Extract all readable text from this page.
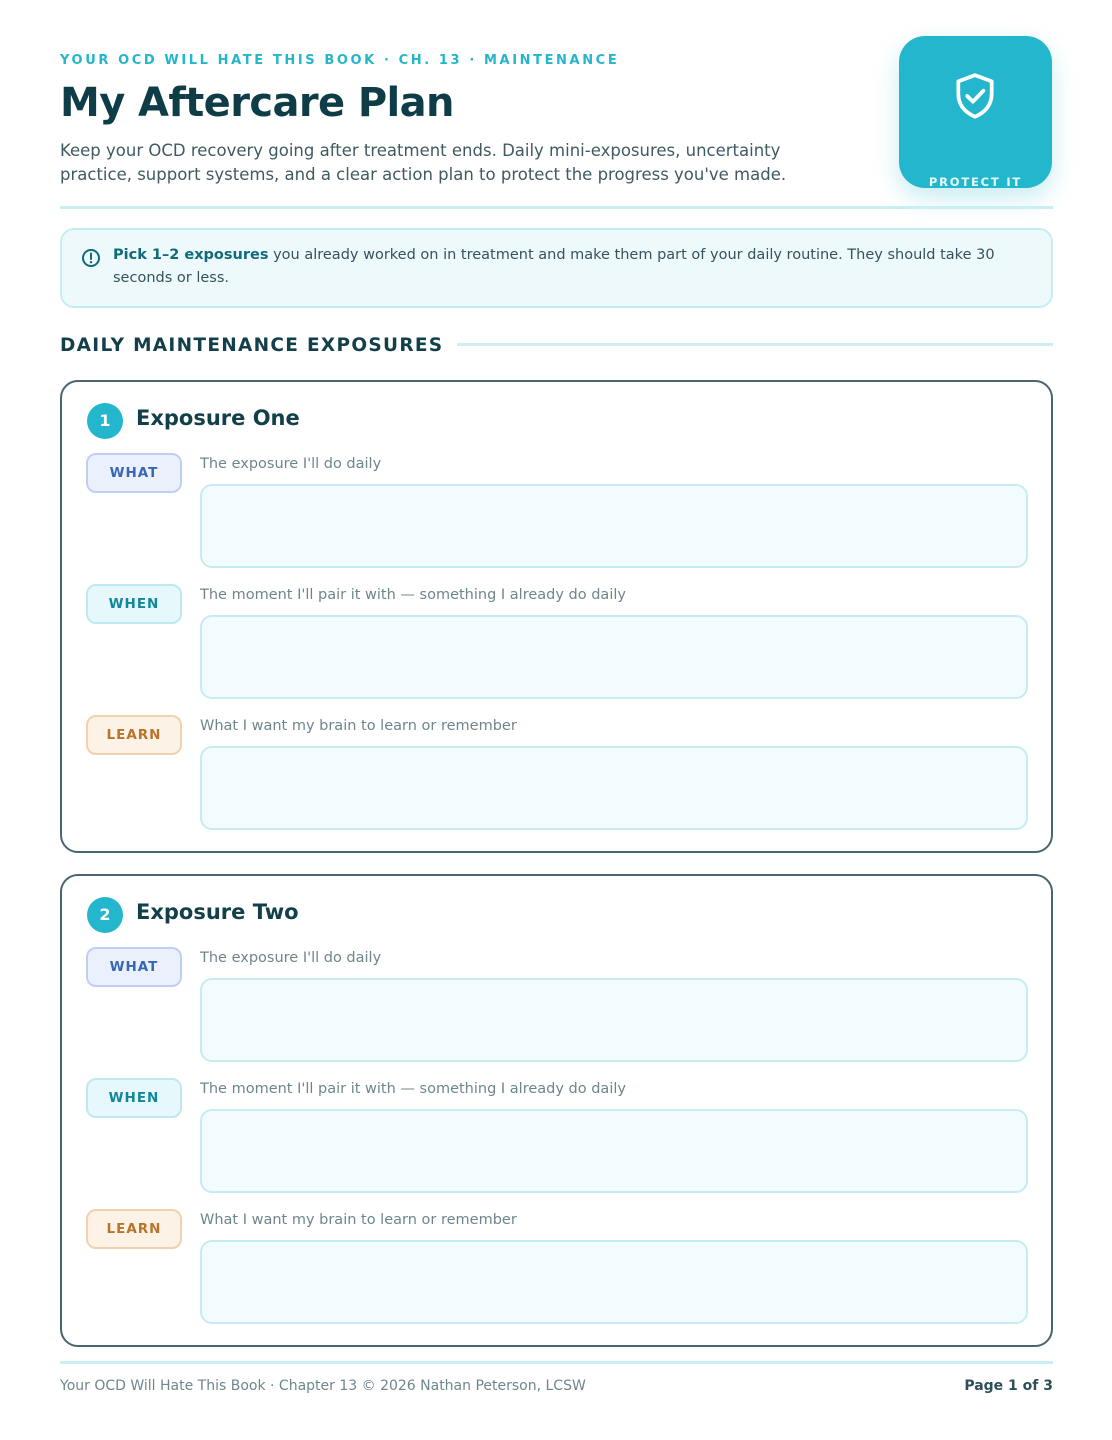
YOUR OCD WILL HATE THIS BOOK · CH. 13 · MAINTENANCE
My Aftercare Plan

Keep your OCD recovery going after treatment ends. Daily mini-exposures, uncertainty practice, support systems, and a clear action plan to protect the progress you've made.	PROTECT IT

Pick 1–2 exposures you already worked on in treatment and make them part of your daily routine. They should take 30 seconds or less.

DAILY MAINTENANCE EXPOSURES
1	Exposure One
WHAT
The exposure I'll do daily
WHEN
The moment I'll pair it with — something I already do daily
LEARN
What I want my brain to learn or remember
2	Exposure Two
WHAT
The exposure I'll do daily
WHEN
The moment I'll pair it with — something I already do daily
LEARN
What I want my brain to learn or remember
Your OCD Will Hate This Book · Chapter 13 © 2026 Nathan Peterson, LCSW	Page 1 of 3
